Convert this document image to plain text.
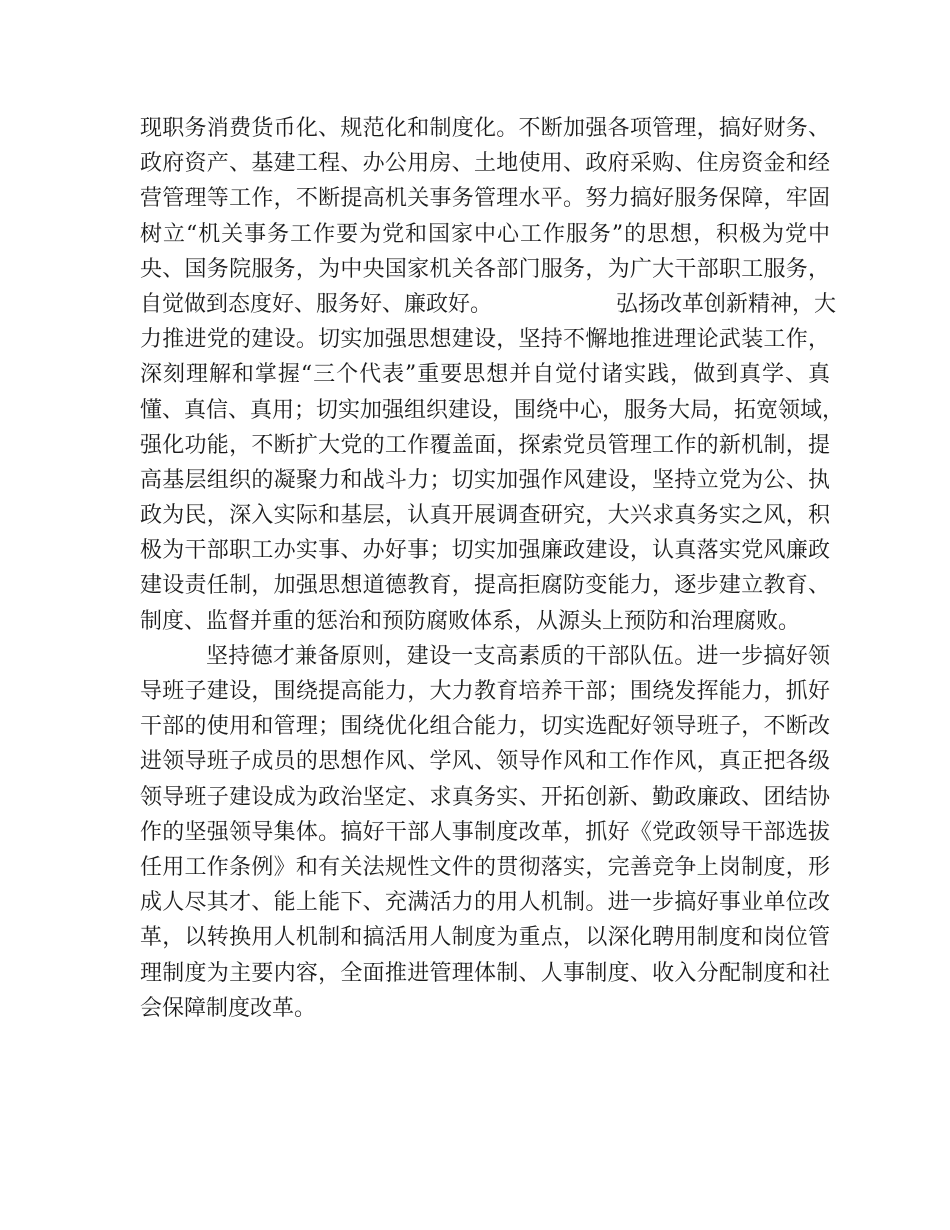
现职务消费货币化、规范化和制度化。不断加强各项管理，搞好财务、
政府资产、基建工程、办公用房、土地使用、政府采购、住房资金和经
营管理等工作，不断提高机关事务管理水平。努力搞好服务保障，牢固
树立“机关事务工作要为党和国家中心工作服务”的思想，积极为党中
央、国务院服务，为中央国家机关各部门服务，为广大干部职工服务，
自觉做到态度好、服务好、廉政好。	弘扬改革创新精神，大
力推进党的建设。切实加强思想建设，坚持不懈地推进理论武装工作，
深刻理解和掌握“三个代表”重要思想并自觉付诸实践，做到真学、真
懂、真信、真用；切实加强组织建设，围绕中心，服务大局，拓宽领域，
强化功能，不断扩大党的工作覆盖面，探索党员管理工作的新机制，提
高基层组织的凝聚力和战斗力；切实加强作风建设，坚持立党为公、执
政为民，深入实际和基层，认真开展调查研究，大兴求真务实之风，积
极为干部职工办实事、办好事；切实加强廉政建设，认真落实党风廉政
建设责任制，加强思想道德教育，提高拒腐防变能力，逐步建立教育、
制度、监督并重的惩治和预防腐败体系，从源头上预防和治理腐败。
坚持德才兼备原则，建设一支高素质的干部队伍。进一步搞好领
导班子建设，围绕提高能力，大力教育培养干部；围绕发挥能力，抓好
干部的使用和管理；围绕优化组合能力，切实选配好领导班子，不断改
进领导班子成员的思想作风、学风、领导作风和工作作风，真正把各级
领导班子建设成为政治坚定、求真务实、开拓创新、勤政廉政、团结协
作的坚强领导集体。搞好干部人事制度改革，抓好《党政领导干部选拔
任用工作条例》和有关法规性文件的贯彻落实，完善竞争上岗制度，形
成人尽其才、能上能下、充满活力的用人机制。进一步搞好事业单位改
革，以转换用人机制和搞活用人制度为重点，以深化聘用制度和岗位管
理制度为主要内容，全面推进管理体制、人事制度、收入分配制度和社
会保障制度改革。
